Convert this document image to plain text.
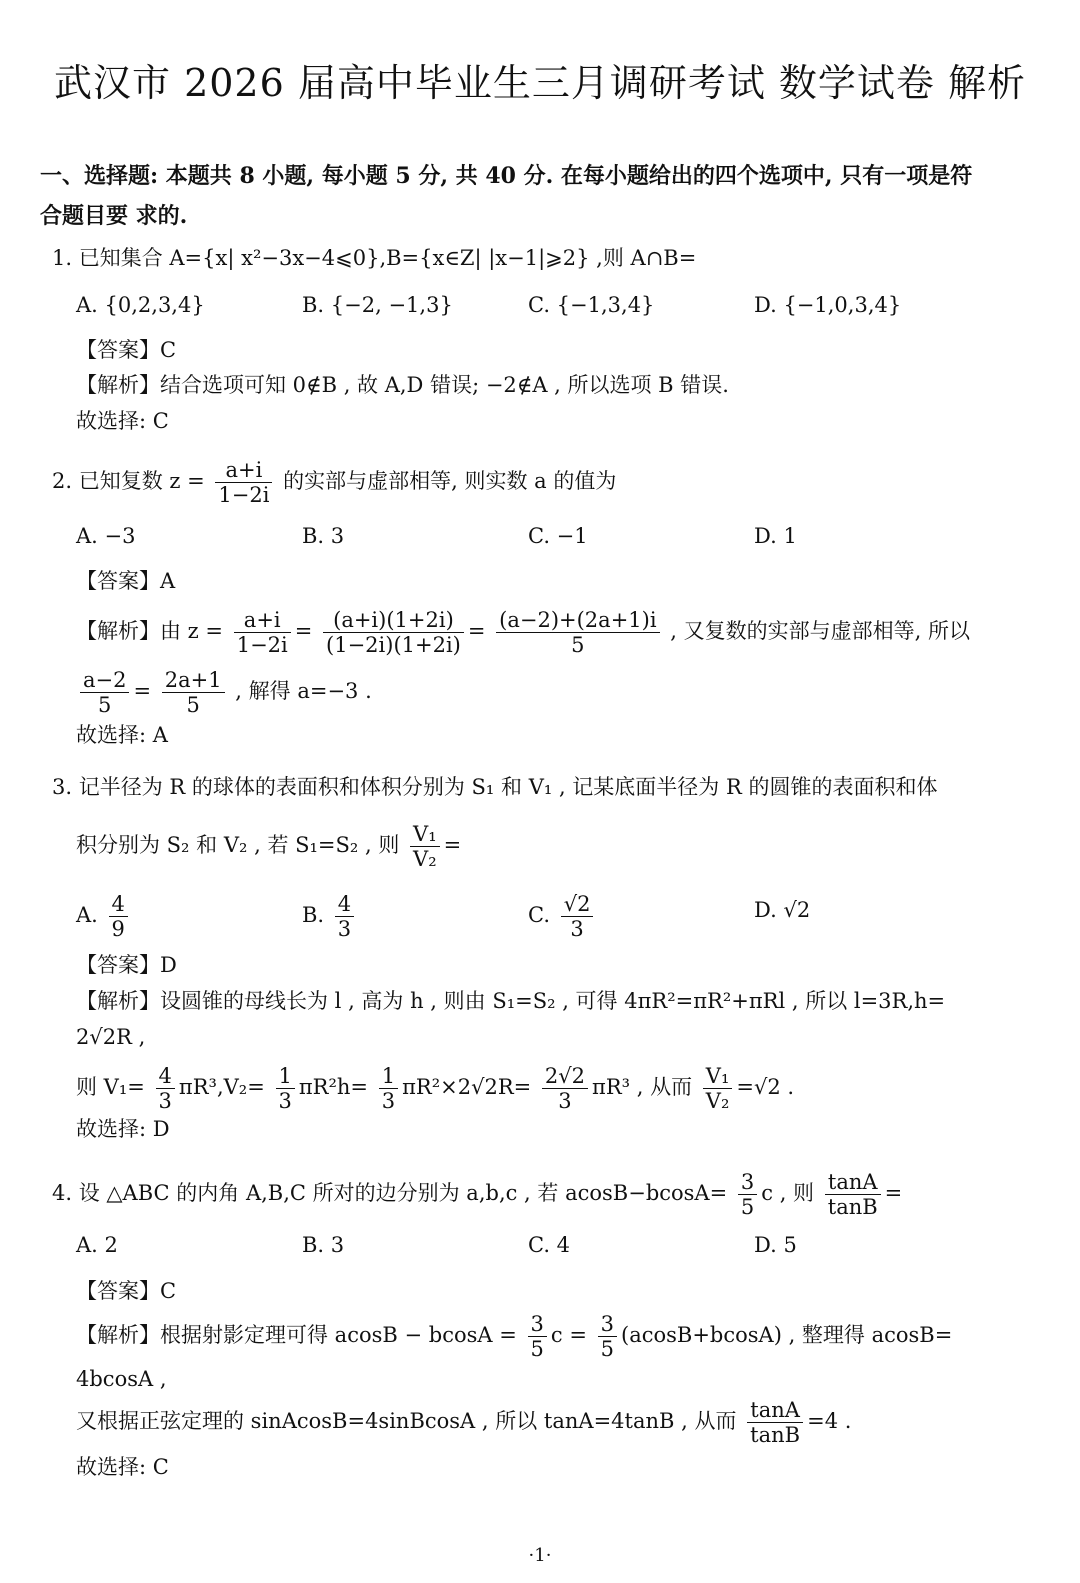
武汉市 2026 届高中毕业生三月调研考试 数学试卷 解析
一、选择题: 本题共 8 小题, 每小题 5 分, 共 40 分. 在每小题给出的四个选项中, 只有一项是符
合题目要 求的.
1. 已知集合 A={x| x²−3x−4⩽0},B={x∈Z| |x−1|⩾2} ,则 A∩B=
A. {0,2,3,4}	B. {−2, −1,3}	C. {−1,3,4}	D. {−1,0,3,4}
【答案】C
【解析】结合选项可知 0∉B , 故 A,D 错误; −2∉A , 所以选项 B 错误.
故选择: C
2. 已知复数 $z = \frac{a+i}{1-2i}$ 的实部与虚部相等, 则实数 a 的值为
A. −3	B. 3	C. −1	D. 1
【答案】A
【解析】由 $z = \frac{a+i}{1-2i} = \frac{(a+i)(1+2i)}{(1-2i)(1+2i)} = \frac{(a-2)+(2a+1)i}{5}$ , 又复数的实部与虚部相等, 所以
$\frac{a-2}{5} = \frac{2a+1}{5}$ , 解得 a=−3 .
故选择: A
3. 记半径为 R 的球体的表面积和体积分别为 S₁ 和 V₁ , 记某底面半径为 R 的圆锥的表面积和体
积分别为 S₂ 和 V₂ , 若 S₁=S₂ , 则 $\frac{\text{V₁}}{\text{V₂}}$ =
A. $\frac{4}{9}$	B. $\frac{4}{3}$	C. $\frac{√2}{3}$	D. √2
【答案】D
【解析】设圆锥的母线长为 l , 高为 h , 则由 S₁=S₂ , 可得 4πR²=πR²+πRl , 所以 l=3R,h=
2√2R ,
则 $V_1= \frac{4}{3} \pi R^3,V_2= \frac{1}{3} \pi R^2h= \frac{1}{3} \pi R^2\times 2√2R= \frac{2√2}{3} \pi R^3$ , 从而 $\frac{\text{V₁}}{\text{V₂}} =√2$ .
故选择: D
4. 设 △ABC 的内角 A,B,C 所对的边分别为 a,b,c , 若 $acosB-bcosA= \frac{3}{5}$ c , 则 $\frac{\tan A}{\tan B}$ =
A. 2	B. 3	C. 4	D. 5
【答案】C
【解析】根据射影定理可得 $acosB - bcosA = \frac{3}{5}$ $c = \frac{3}{5} (acosB+bcosA)$ , 整理得 acosB=
4bcosA ,
又根据正弦定理的 sinAcosB=4sinBcosA , 所以 tanA=4tanB , 从而 $\frac{\tan A}{\tan B} =4$ .
故选择: C
·1·
